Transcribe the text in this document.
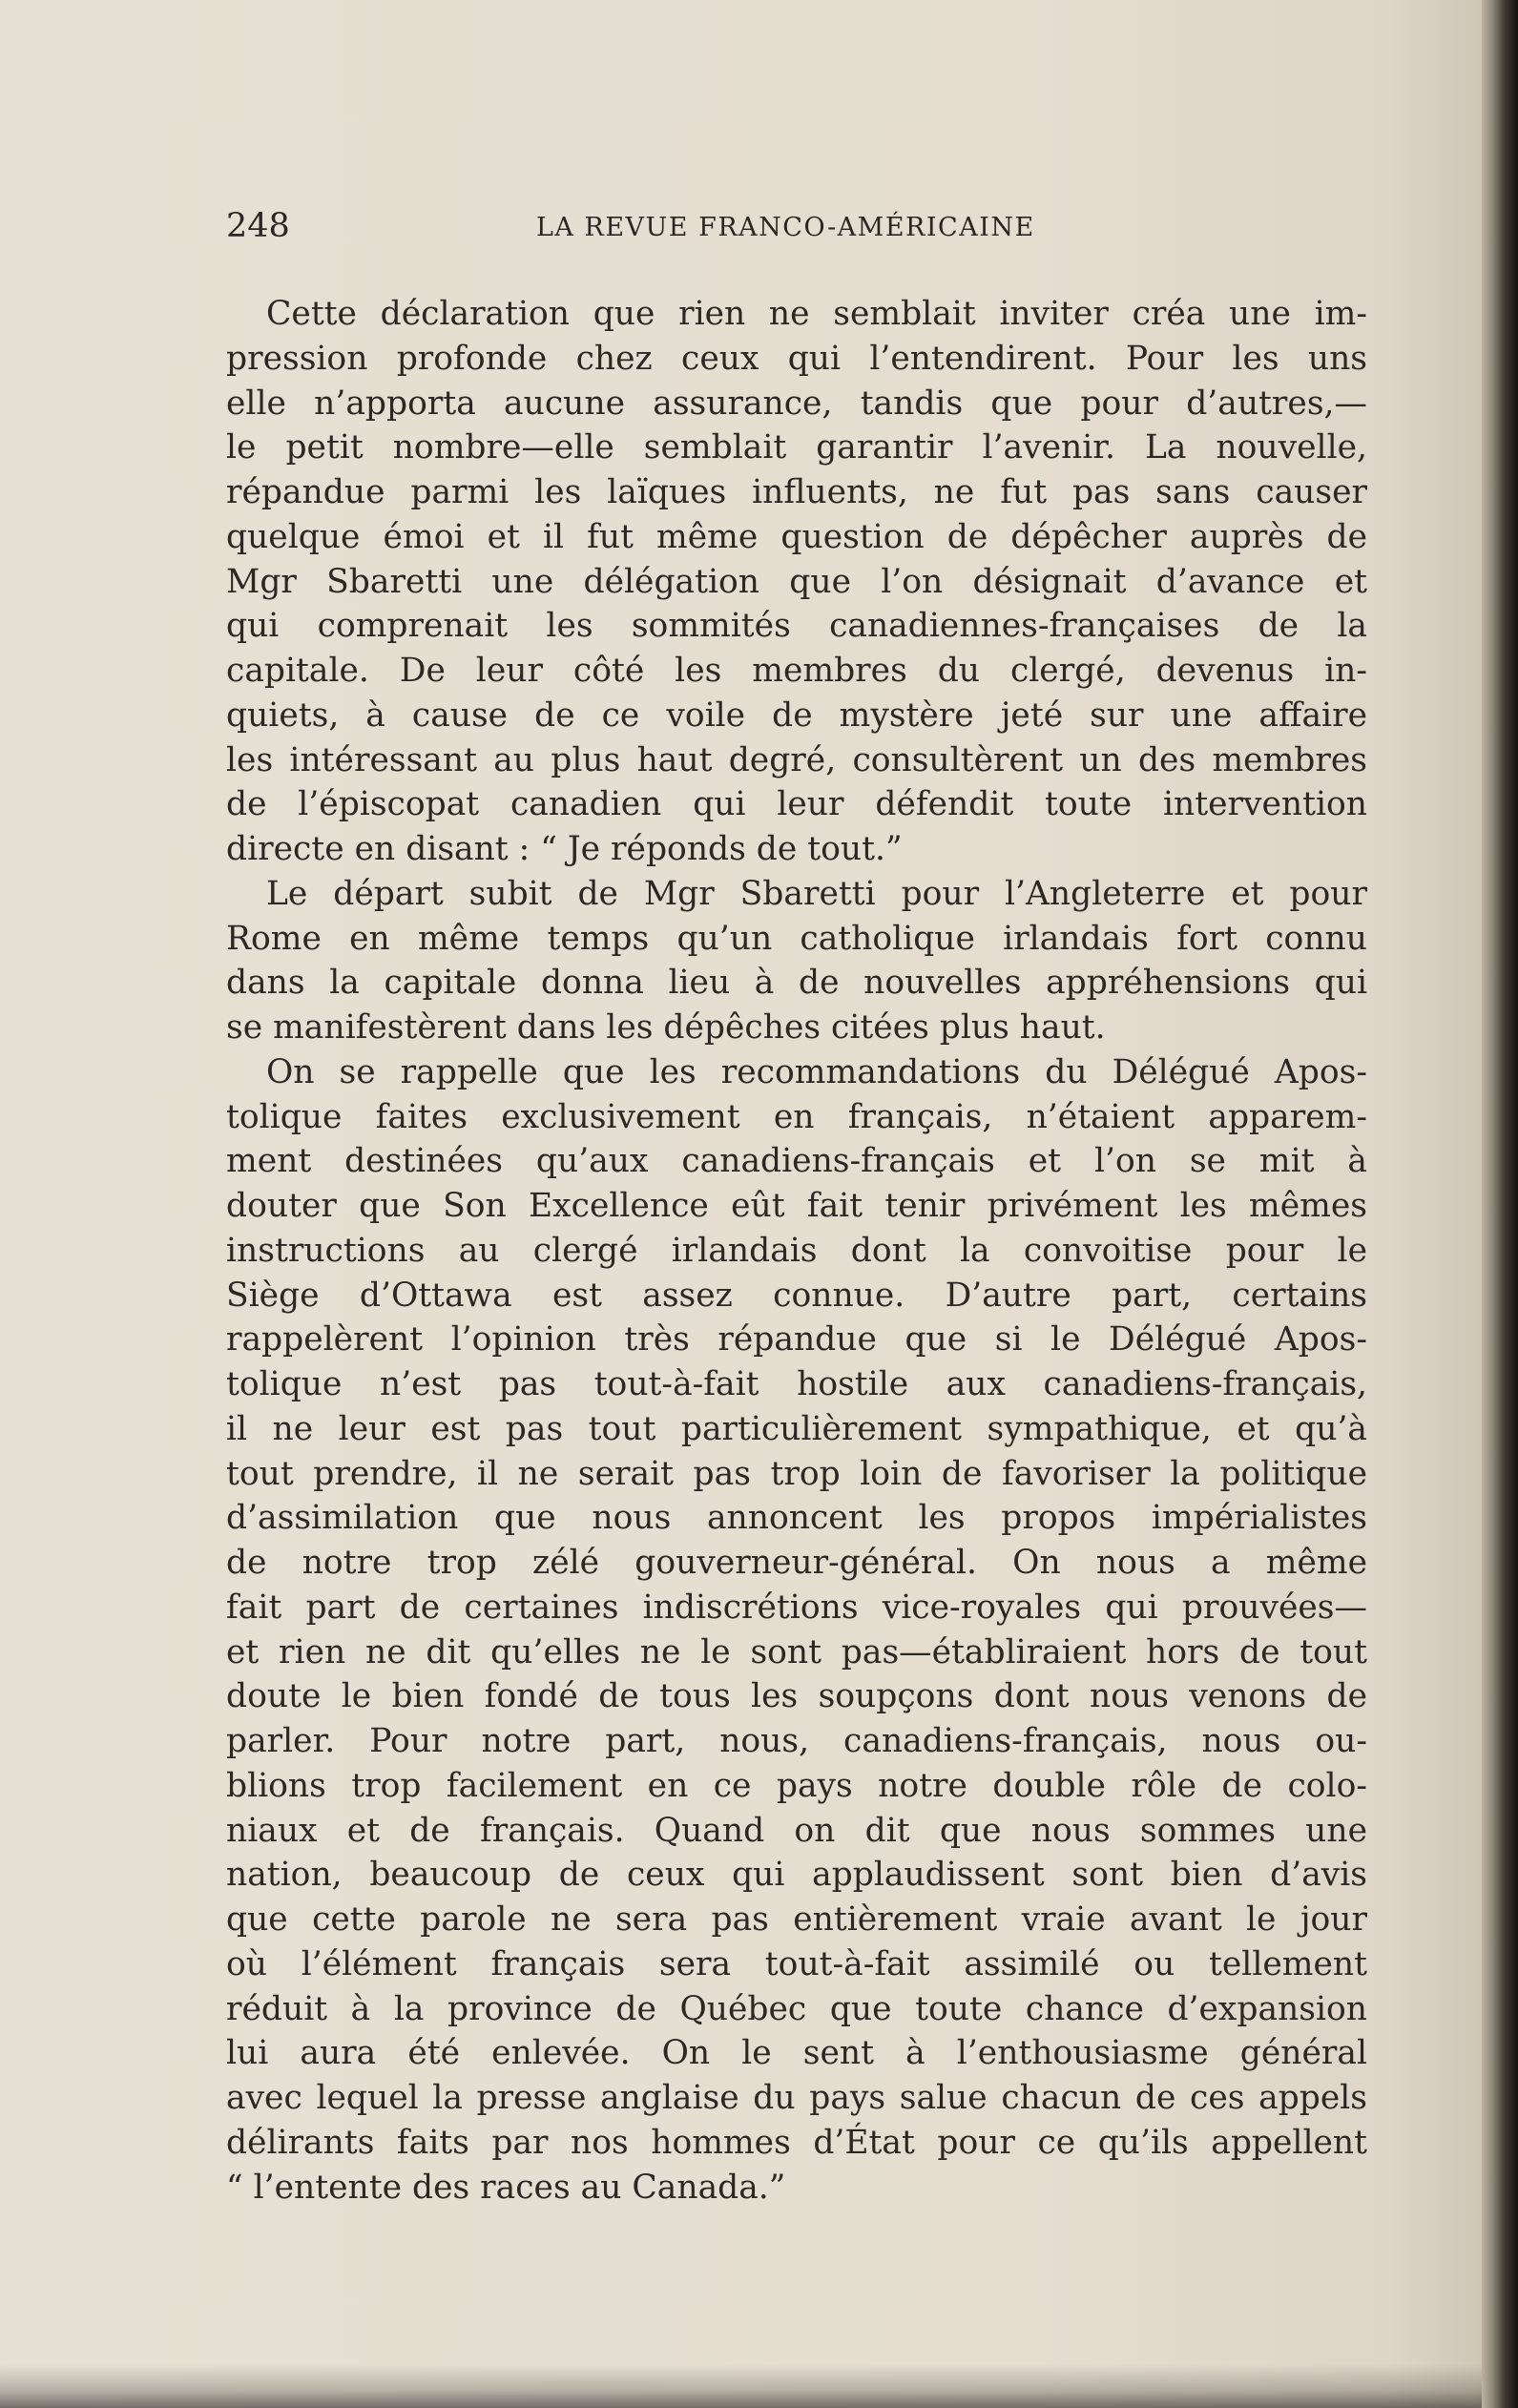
248	LA REVUE FRANCO-AMÉRICAINE
Cette déclaration que rien ne semblait inviter créa une im-
pression profonde chez ceux qui l’entendirent. Pour les uns
elle n’apporta aucune assurance, tandis que pour d’autres,—
le petit nombre—elle semblait garantir l’avenir. La nouvelle,
répandue parmi les laïques influents, ne fut pas sans causer
quelque émoi et il fut même question de dépêcher auprès de
Mgr Sbaretti une délégation que l’on désignait d’avance et
qui comprenait les sommités canadiennes-françaises de la
capitale. De leur côté les membres du clergé, devenus in-
quiets, à cause de ce voile de mystère jeté sur une affaire
les intéressant au plus haut degré, consultèrent un des membres
de l’épiscopat canadien qui leur défendit toute intervention
directe en disant : “ Je réponds de tout.”
Le départ subit de Mgr Sbaretti pour l’Angleterre et pour
Rome en même temps qu’un catholique irlandais fort connu
dans la capitale donna lieu à de nouvelles appréhensions qui
se manifestèrent dans les dépêches citées plus haut.
On se rappelle que les recommandations du Délégué Apos-
tolique faites exclusivement en français, n’étaient apparem-
ment destinées qu’aux canadiens-français et l’on se mit à
douter que Son Excellence eût fait tenir privément les mêmes
instructions au clergé irlandais dont la convoitise pour le
Siège d’Ottawa est assez connue. D’autre part, certains
rappelèrent l’opinion très répandue que si le Délégué Apos-
tolique n’est pas tout-à-fait hostile aux canadiens-français,
il ne leur est pas tout particulièrement sympathique, et qu’à
tout prendre, il ne serait pas trop loin de favoriser la politique
d’assimilation que nous annoncent les propos impérialistes
de notre trop zélé gouverneur-général. On nous a même
fait part de certaines indiscrétions vice-royales qui prouvées—
et rien ne dit qu’elles ne le sont pas—établiraient hors de tout
doute le bien fondé de tous les soupçons dont nous venons de
parler. Pour notre part, nous, canadiens-français, nous ou-
blions trop facilement en ce pays notre double rôle de colo-
niaux et de français. Quand on dit que nous sommes une
nation, beaucoup de ceux qui applaudissent sont bien d’avis
que cette parole ne sera pas entièrement vraie avant le jour
où l’élément français sera tout-à-fait assimilé ou tellement
réduit à la province de Québec que toute chance d’expansion
lui aura été enlevée. On le sent à l’enthousiasme général
avec lequel la presse anglaise du pays salue chacun de ces appels
délirants faits par nos hommes d’État pour ce qu’ils appellent
“ l’entente des races au Canada.”
